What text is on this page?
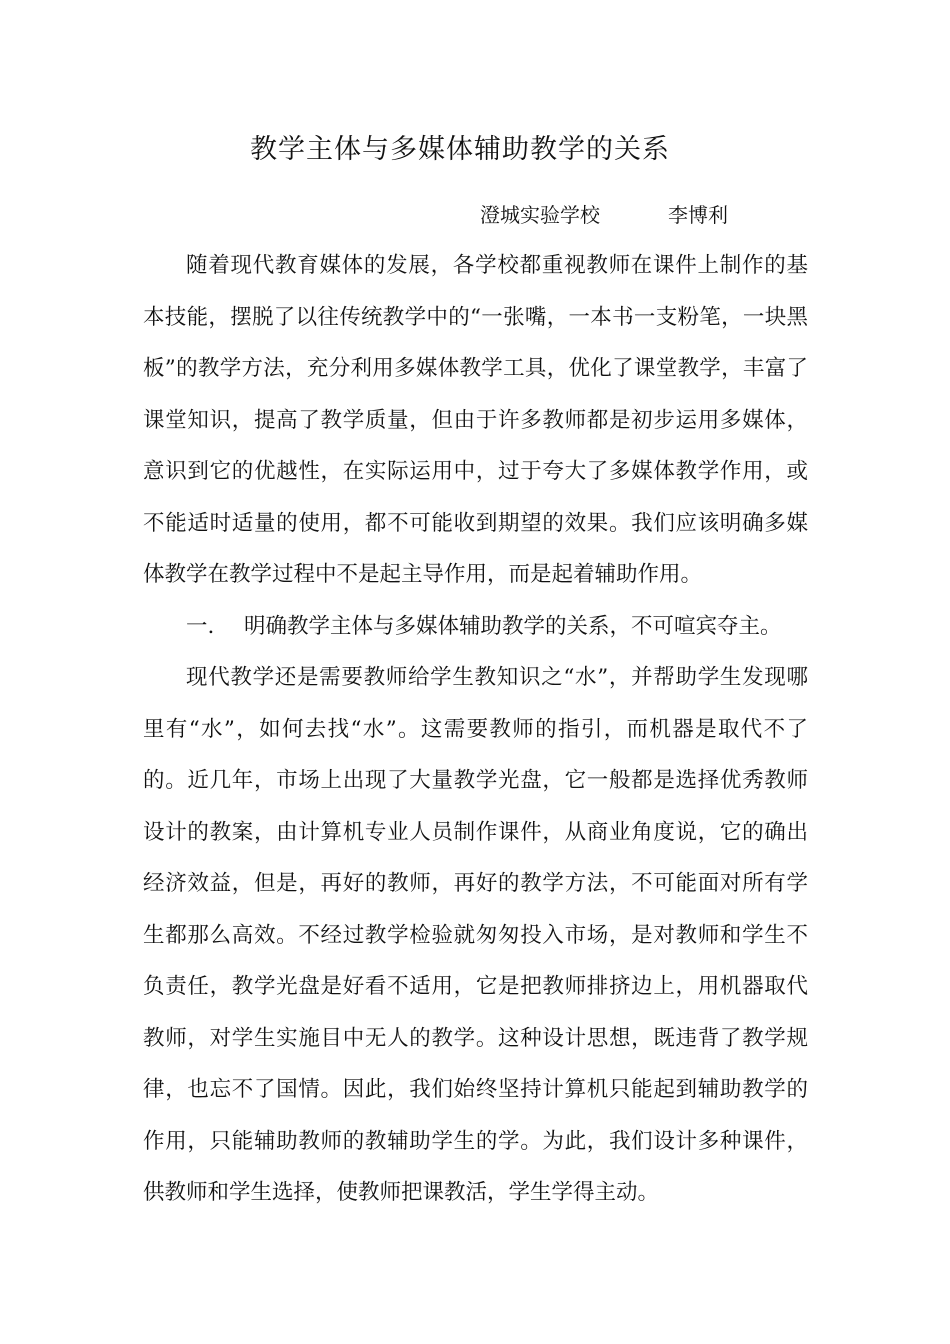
教学主体与多媒体辅助教学的关系
澄城实验学校	李博利

随着现代教育媒体的发展，各学校都重视教师在课件上制作的基本技能，摆脱了以往传统教学中的“一张嘴，一本书一支粉笔，一块黑板”的教学方法，充分利用多媒体教学工具，优化了课堂教学，丰富了课堂知识，提高了教学质量，但由于许多教师都是初步运用多媒体，意识到它的优越性，在实际运用中，过于夸大了多媒体教学作用，或不能适时适量的使用，都不可能收到期望的效果。我们应该明确多媒体教学在教学过程中不是起主导作用，而是起着辅助作用。

一. 明确教学主体与多媒体辅助教学的关系，不可喧宾夺主。

现代教学还是需要教师给学生教知识之“水”，并帮助学生发现哪里有“水”，如何去找“水”。这需要教师的指引，而机器是取代不了的。近几年，市场上出现了大量教学光盘，它一般都是选择优秀教师设计的教案，由计算机专业人员制作课件，从商业角度说，它的确出经济效益，但是，再好的教师，再好的教学方法，不可能面对所有学生都那么高效。不经过教学检验就匆匆投入市场，是对教师和学生不负责任，教学光盘是好看不适用，它是把教师排挤边上，用机器取代教师，对学生实施目中无人的教学。这种设计思想，既违背了教学规律，也忘不了国情。因此，我们始终坚持计算机只能起到辅助教学的作用，只能辅助教师的教辅助学生的学。为此，我们设计多种课件，供教师和学生选择，使教师把课教活，学生学得主动。
